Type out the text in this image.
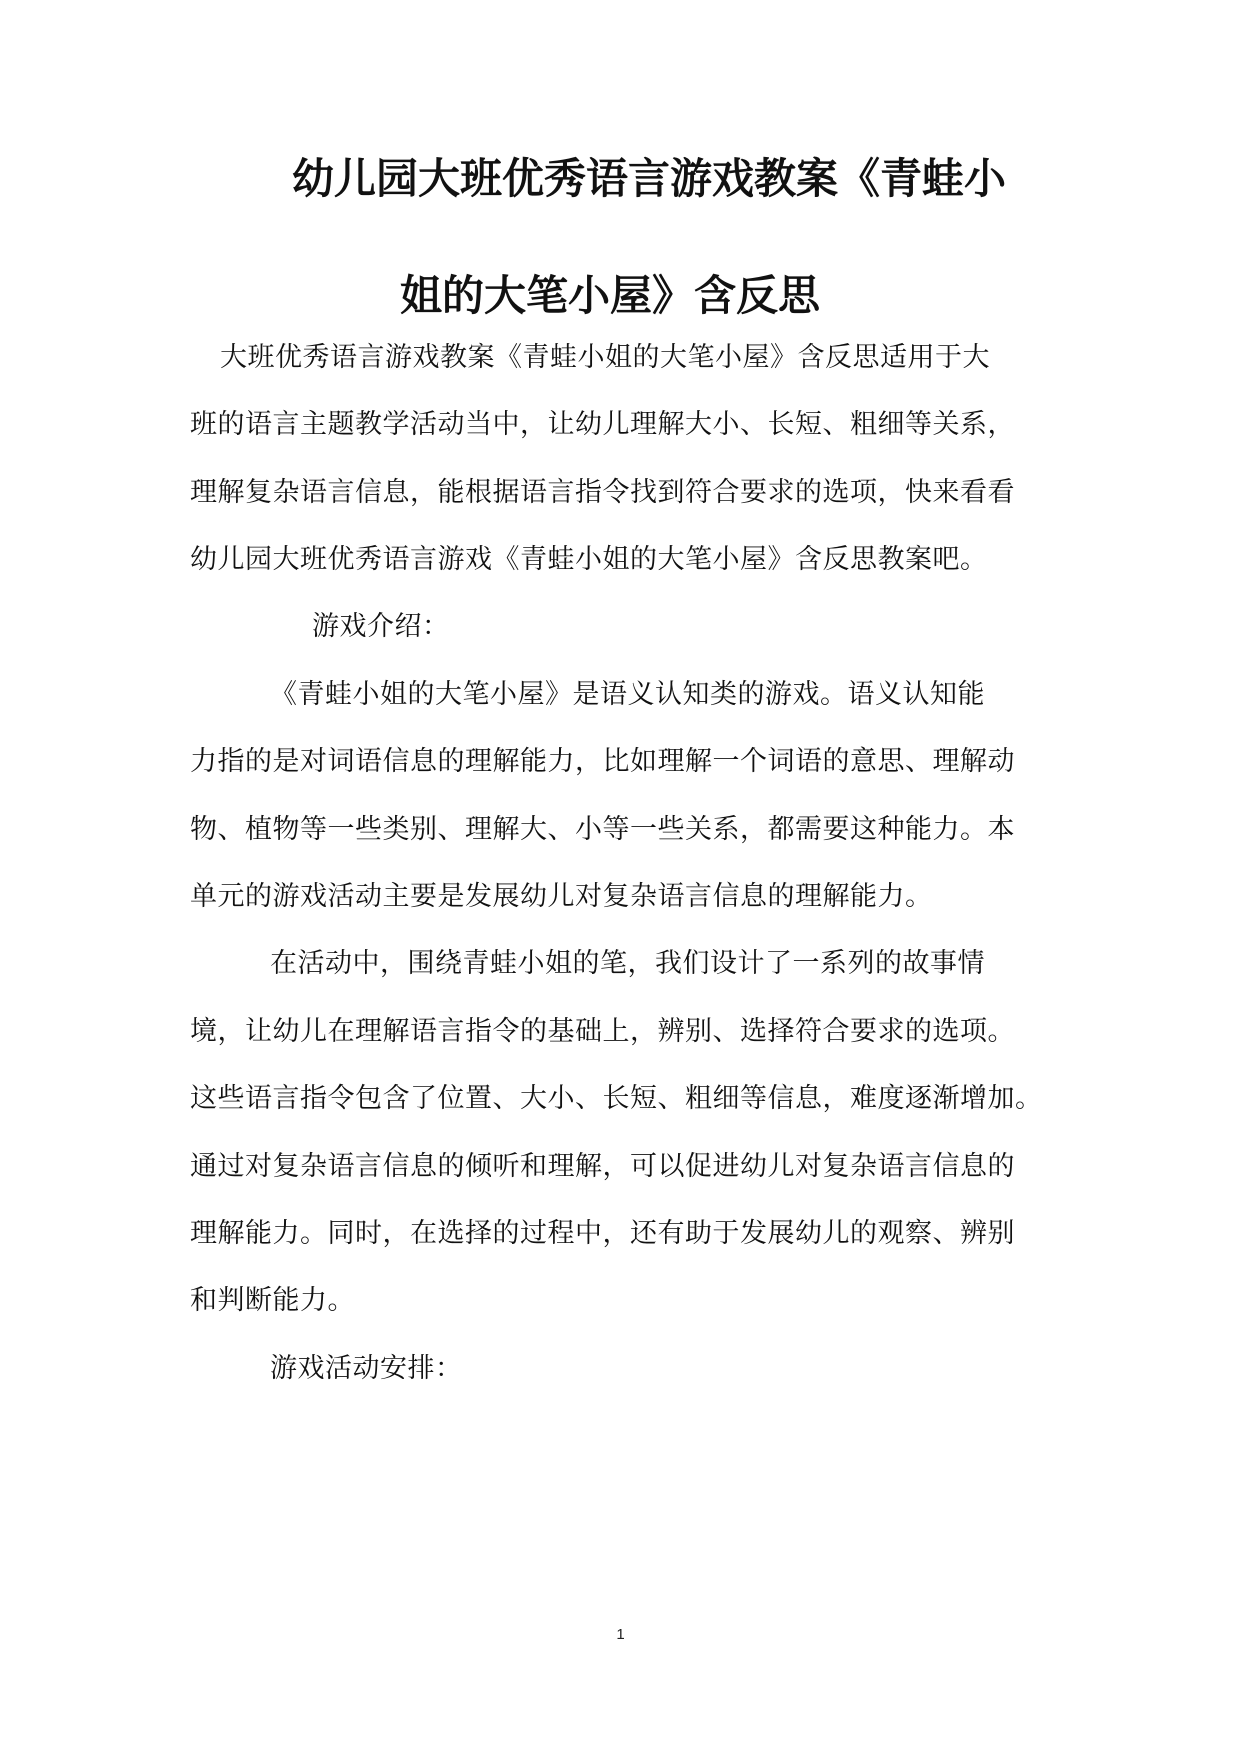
幼儿园大班优秀语言游戏教案《青蛙小
姐的大笔小屋》含反思

大班优秀语言游戏教案《青蛙小姐的大笔小屋》含反思适用于大

班的语言主题教学活动当中，让幼儿理解大小、长短、粗细等关系，

理解复杂语言信息，能根据语言指令找到符合要求的选项，快来看看

幼儿园大班优秀语言游戏《青蛙小姐的大笔小屋》含反思教案吧。

游戏介绍：

《青蛙小姐的大笔小屋》是语义认知类的游戏。语义认知能

力指的是对词语信息的理解能力，比如理解一个词语的意思、理解动

物、植物等一些类别、理解大、小等一些关系，都需要这种能力。本

单元的游戏活动主要是发展幼儿对复杂语言信息的理解能力。

在活动中，围绕青蛙小姐的笔，我们设计了一系列的故事情

境，让幼儿在理解语言指令的基础上，辨别、选择符合要求的选项。

这些语言指令包含了位置、大小、长短、粗细等信息，难度逐渐增加。

通过对复杂语言信息的倾听和理解，可以促进幼儿对复杂语言信息的

理解能力。同时，在选择的过程中，还有助于发展幼儿的观察、辨别

和判断能力。

游戏活动安排：

1
